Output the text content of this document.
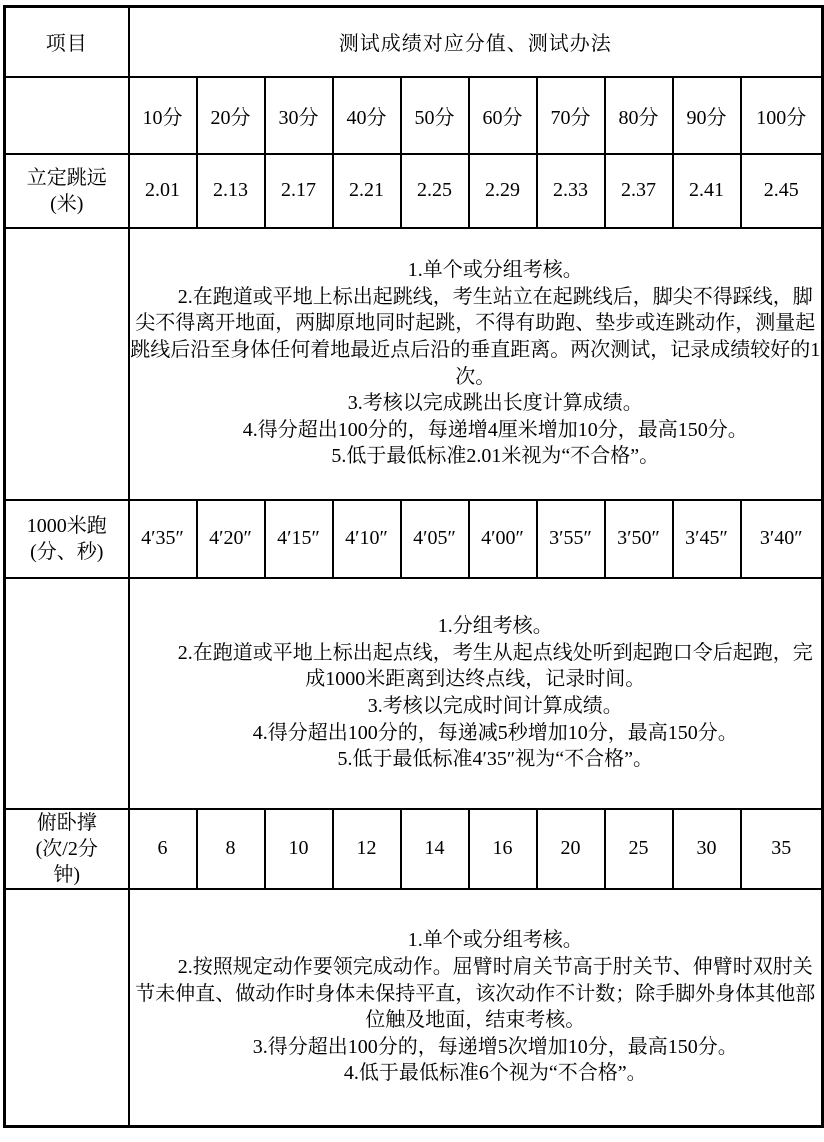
项目	测试成绩对应分值、测试办法									
	10分	20分	30分	40分	50分	60分	70分	80分	90分	100分

立定跳远
(米)	2.01	2.13	2.17	2.21	2.25	2.29	2.33	2.37	2.41	2.45

	1.单个或分组考核。

2.在跑道或平地上标出起跳线，考生站立在起跳线后，脚尖不得踩线，脚尖不得离开地面，两脚原地同时起跳，不得有助跑、垫步或连跳动作，测量起跳线后沿至身体任何着地最近点后沿的垂直距离。两次测试，记录成绩较好的1次。

3.考核以完成跳出长度计算成绩。

4.得分超出100分的，每递增4厘米增加10分，最高150分。

5.低于最低标准2.01米视为“不合格”。									

1000米跑
(分、秒)	4′35″	4′20″	4′15″	4′10″	4′05″	4′00″	3′55″	3′50″	3′45″	3′40″

	1.分组考核。

2.在跑道或平地上标出起点线，考生从起点线处听到起跑口令后起跑，完成1000米距离到达终点线，记录时间。

3.考核以完成时间计算成绩。

4.得分超出100分的，每递减5秒增加10分，最高150分。

5.低于最低标准4′35″视为“不合格”。									

俯卧撑
(次/2分
钟)	6	8	10	12	14	16	20	25	30	35

	1.单个或分组考核。

2.按照规定动作要领完成动作。屈臂时肩关节高于肘关节、伸臂时双肘关节未伸直、做动作时身体未保持平直，该次动作不计数；除手脚外身体其他部位触及地面，结束考核。

3.得分超出100分的，每递增5次增加10分，最高150分。

4.低于最低标准6个视为“不合格”。									
